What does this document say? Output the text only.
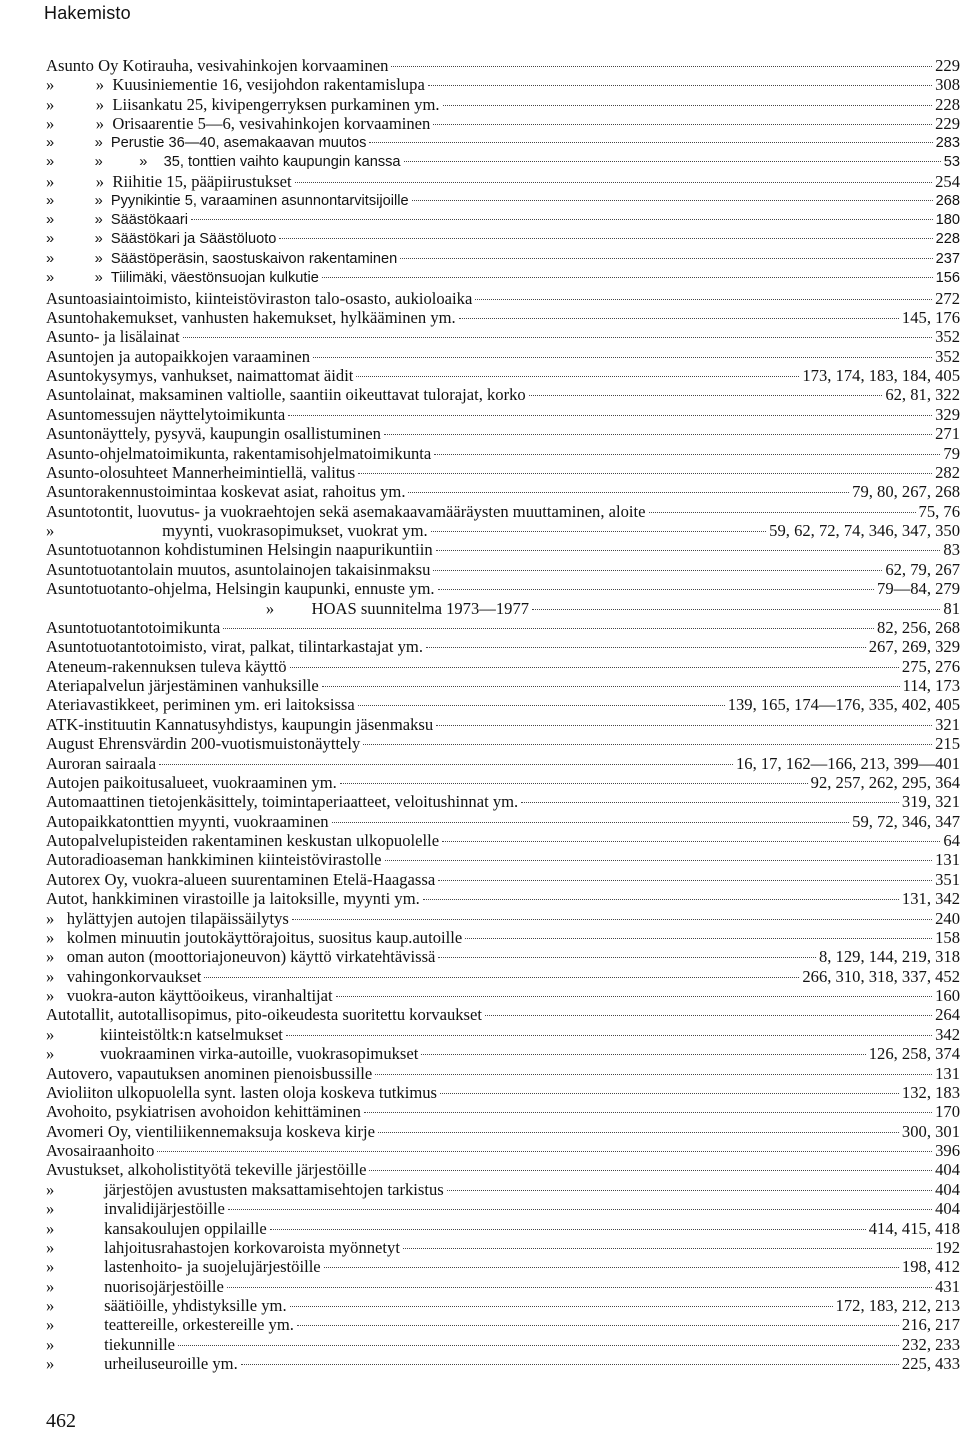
Hakemisto
Asunto Oy Kotirauha, vesivahinkojen korvaaminen	229
»          » Kuusiniementie 16, vesijohdon rakentamislupa	308
»          » Liisankatu 25, kivipengerryksen purkaminen ym.	228
»          » Orisaarentie 5—6, vesivahinkojen korvaaminen	229
»          » Perustie 36—40, asemakaavan muutos	283
»          »         » 35, tonttien vaihto kaupungin kanssa	53
»          » Riihitie 15, pääpiirustukset	254
»          » Pyynikintie 5, varaaminen asunnontarvitsijoille	268
»          » Säästökaari	180
»          » Säästökari ja Säästöluoto	228
»          » Säästöperäsin, saostuskaivon rakentaminen	237
»          » Tiilimäki, väestönsuojan kulkutie	156
Asuntoasiaintoimisto, kiinteistöviraston talo-osasto, aukioloaika	272
Asuntohakemukset, vanhusten hakemukset, hylkääminen ym.	145, 176
Asunto- ja lisälainat	352
Asuntojen ja autopaikkojen varaaminen	352
Asuntokysymys, vanhukset, naimattomat äidit	173, 174, 183, 184, 405
Asuntolainat, maksaminen valtiolle, saantiin oikeuttavat tulorajat, korko	62, 81, 322
Asuntomessujen näyttelytoimikunta	329
Asuntonäyttely, pysyvä, kaupungin osallistuminen	271
Asunto-ohjelmatoimikunta, rakentamisohjelmatoimikunta	79
Asunto-olosuhteet Mannerheimintiellä, valitus	282
Asuntorakennustoimintaa koskevat asiat, rahoitus ym.	79, 80, 267, 268
Asuntotontit, luovutus- ja vuokraehtojen sekä asemakaavamääräysten muuttaminen, aloite	75, 76
» myynti, vuokrasopimukset, vuokrat ym.	59, 62, 72, 74, 346, 347, 350
Asuntotuotannon kohdistuminen Helsingin naapurikuntiin	83
Asuntotuotantolain muutos, asuntolainojen takaisinmaksu	62, 79, 267
Asuntotuotanto-ohjelma, Helsingin kaupunki, ennuste ym.	79—84, 279
» HOAS suunnitelma 1973—1977	81
Asuntotuotantotoimikunta	82, 256, 268
Asuntotuotantotoimisto, virat, palkat, tilintarkastajat ym.	267, 269, 329
Ateneum-rakennuksen tuleva käyttö	275, 276
Ateriapalvelun järjestäminen vanhuksille	114, 173
Ateriavastikkeet, periminen ym. eri laitoksissa	139, 165, 174—176, 335, 402, 405
ATK-instituutin Kannatusyhdistys, kaupungin jäsenmaksu	321
August Ehrensvärdin 200-vuotismuistonäyttely	215
Auroran sairaala	16, 17, 162—166, 213, 399—401
Autojen paikoitusalueet, vuokraaminen ym.	92, 257, 262, 295, 364
Automaattinen tietojenkäsittely, toimintaperiaatteet, veloitushinnat ym.	319, 321
Autopaikkatonttien myynti, vuokraaminen	59, 72, 346, 347
Autopalvelupisteiden rakentaminen keskustan ulkopuolelle	64
Autoradioaseman hankkiminen kiinteistövirastolle	131
Autorex Oy, vuokra-alueen suurentaminen Etelä-Haagassa	351
Autot, hankkiminen virastoille ja laitoksille, myynti ym.	131, 342
» hylättyjen autojen tilapäissäilytys	240
» kolmen minuutin joutokäyttörajoitus, suositus kaup.autoille	158
» oman auton (moottoriajoneuvon) käyttö virkatehtävissä	8, 129, 144, 219, 318
» vahingonkorvaukset	266, 310, 318, 337, 452
» vuokra-auton käyttöoikeus, viranhaltijat	160
Autotallit, autotallisopimus, pito-oikeudesta suoritettu korvaukset	264
» kiinteistöltk:n katselmukset	342
» vuokraaminen virka-autoille, vuokrasopimukset	126, 258, 374
Autovero, vapautuksen anominen pienoisbussille	131
Avioliiton ulkopuolella synt. lasten oloja koskeva tutkimus	132, 183
Avohoito, psykiatrisen avohoidon kehittäminen	170
Avomeri Oy, vientiliikennemaksuja koskeva kirje	300, 301
Avosairaanhoito	396
Avustukset, alkoholistityötä tekeville järjestöille	404
» järjestöjen avustusten maksattamisehtojen tarkistus	404
» invalidijärjestöille	404
» kansakoulujen oppilaille	414, 415, 418
» lahjoitusrahastojen korkovaroista myönnetyt	192
» lastenhoito- ja suojelujärjestöille	198, 412
» nuorisojärjestöille	431
» säätiöille, yhdistyksille ym.	172, 183, 212, 213
» teattereille, orkestereille ym.	216, 217
» tiekunnille	232, 233
» urheiluseuroille ym.	225, 433
462
